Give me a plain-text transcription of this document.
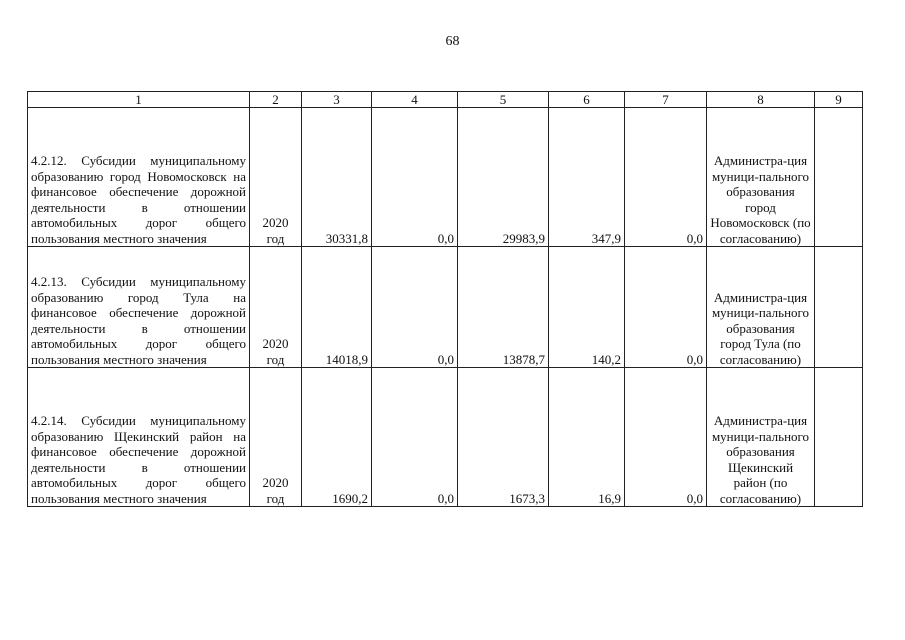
68
1	2	3	4	5	6	7	8	9
4.2.12. Субсидии муниципальному образованию город Новомосковск на финансовое обеспечение дорожной деятельности в отношении автомобильных дорог общего пользования местного значения	2020 год	30331,8	0,0	29983,9	347,9	0,0	Администра-ция муници-пального образования город Новомосковск (по согласованию)	
4.2.13. Субсидии муниципальному образованию город Тула на финансовое обеспечение дорожной деятельности в отношении автомобильных дорог общего пользования местного значения	2020 год	14018,9	0,0	13878,7	140,2	0,0	Администра-ция муници-пального образования город Тула (по согласованию)	
4.2.14. Субсидии муниципальному образованию Щекинский район на финансовое обеспечение дорожной деятельности в отношении автомобильных дорог общего пользования местного значения	2020 год	1690,2	0,0	1673,3	16,9	0,0	Администра-ция муници-пального образования Щекинский район (по согласованию)	
